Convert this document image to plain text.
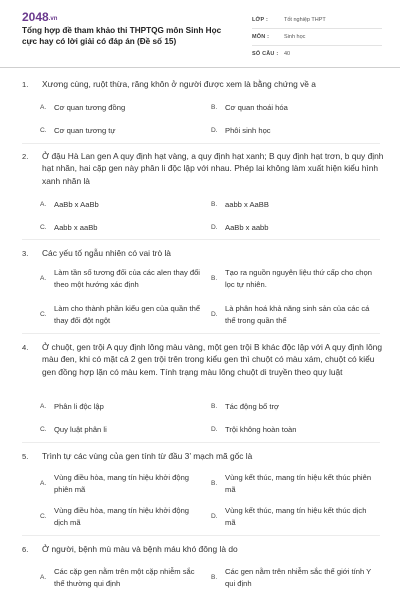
2048.vn
Tổng hợp đề tham khảo thi THPTQG môn Sinh Học cực hay có lời giải có đáp án (Đề số 15)
LỚP :	Tốt nghiệp THPT
MÔN :	Sinh học
SỐ CÂU :	40
1. Xương cùng, ruột thừa, răng khôn ở người được xem là bằng chứng về a
A.	Cơ quan tương đồng	B.	Cơ quan thoái hóa
C. Cơ quan tương tự	D. Phôi sinh học
2. Ở đậu Hà Lan gen A quy định hạt vàng, a quy định hạt xanh; B quy định hạt trơn, b quy định hạt nhăn, hai cặp gen này phân li độc lập với nhau. Phép lai không làm xuất hiện kiểu hình xanh nhăn là
A.	AaBb x AaBb	B.	aabb x AaBB
C. Aabb x aaBb	D. AaBb x aabb
3. Các yếu tố ngẫu nhiên có vai trò là
A.
Làm tần số tương đối của các alen thay đổi theo một hướng xác định
B.
Tạo ra nguồn nguyên liệu thứ cấp cho chọn lọc tự nhiên.
C.
Làm cho thành phần kiểu gen của quần thể thay đổi đột ngột
D.
Là phân hoá khả năng sinh sản của các cá thể trong quần thể
4. Ở chuột, gen trội A quy định lông màu vàng, một gen trội B khác độc lập với A quy định lông màu đen, khi có mặt cả 2 gen trội trên trong kiểu gen thì chuột có màu xám, chuột có kiểu gen đồng hợp lặn có màu kem. Tính trạng màu lông chuột di truyền theo quy luật
A.	Phân li độc lập	B.	Tác động bổ trợ
C. Quy luật phân li	D. Trội không hoàn toàn
5. Trình tự các vùng của gen tính từ đầu 3’ mạch mã gốc là
A.
Vùng điều hòa, mang tín hiệu khởi động phiên mã
B.
Vùng kết thúc, mang tín hiệu kết thúc phiên mã
C.
Vùng điều hòa, mang tín hiệu khởi động dịch mã
D.
Vùng kết thúc, mang tín hiệu kết thúc dịch mã
6. Ở người, bệnh mù màu và bệnh máu khó đông là do
A.
Các cặp gen nằm trên một cặp nhiễm sắc thể thường qui định
B.
Các gen nằm trên nhiễm sắc thể giới tính Y qui định
